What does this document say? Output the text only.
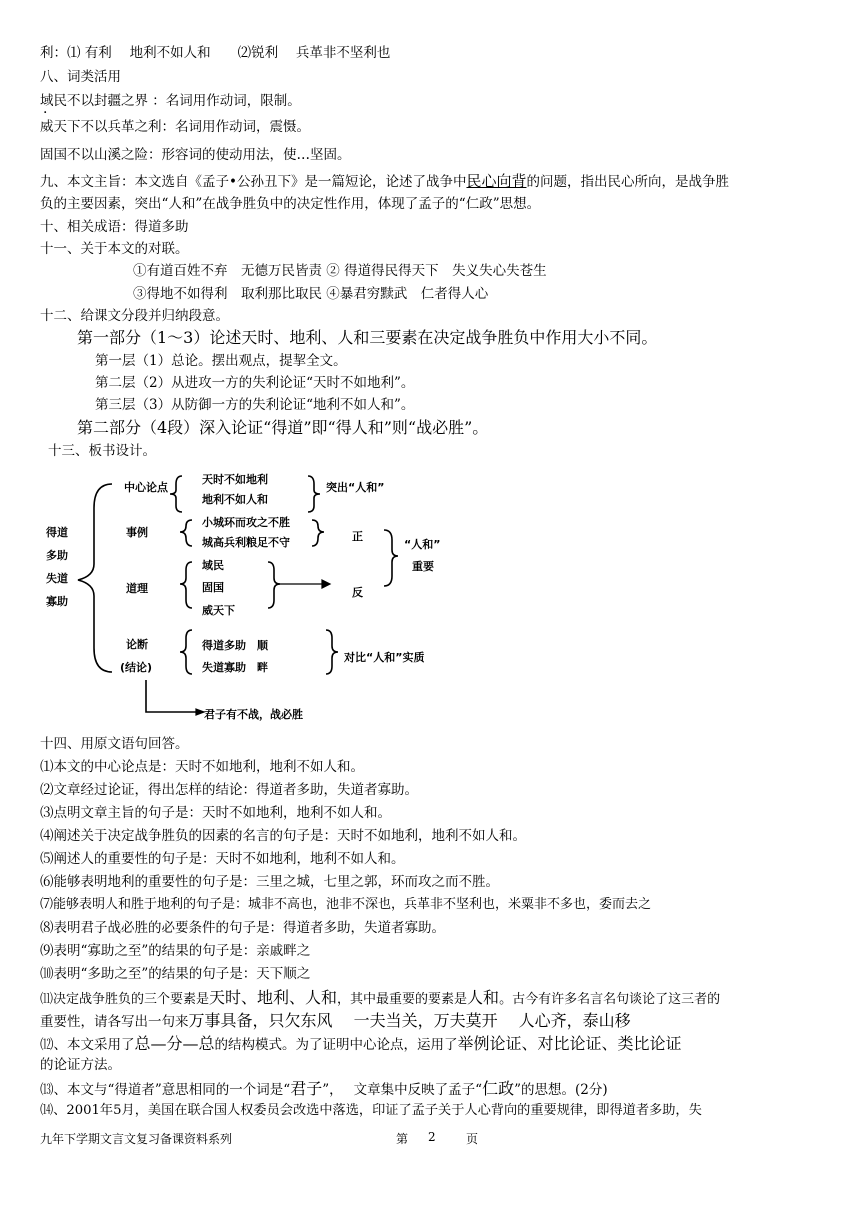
利：⑴ 有利　 地利不如人和　　⑵锐利　 兵革非不坚利也
八、词类活用
域民不以封疆之界 ：名词用作动词，限制。
威天下不以兵革之利：名词用作动词，震慑。
固国不以山溪之险：形容词的使动用法，使…坚固。
九、本文主旨：本文选自《孟子•公孙丑下》是一篇短论，论述了战争中民心向背的问题，指出民心所向，是战争胜
负的主要因素，突出“人和”在战争胜负中的决定性作用，体现了孟子的“仁政”思想。
十、相关成语：得道多助
十一、关于本文的对联。
①有道百姓不弃　无德万民皆责 ② 得道得民得天下　失义失心失苍生
③得地不如得利　取利那比取民 ④暴君穷黩武　仁者得人心
十二、给课文分段并归纳段意。
第一部分（1～3）论述天时、地利、人和三要素在决定战争胜负中作用大小不同。
第一层（1）总论。摆出观点，提挈全文。
第二层（2）从进攻一方的失利论证“天时不如地利”。
第三层（3）从防御一方的失利论证“地利不如人和”。
第二部分（4段）深入论证“得道”即“得人和”则“战必胜”。
十三、板书设计。
得道
多助
失道
寡助
中心论点
天时不如地利
地利不如人和
突出“人和”
事例
小城环而攻之不胜
城高兵利粮足不守	正
道理
域民
固国
威天下
反
“人和”
重要
论断
(结论)
得道多助　顺
失道寡助　畔
对比“人和”实质
君子有不战，战必胜
十四、用原文语句回答。
⑴本文的中心论点是：天时不如地利，地利不如人和。
⑵文章经过论证，得出怎样的结论：得道者多助，失道者寡助。
⑶点明文章主旨的句子是：天时不如地利，地利不如人和。
⑷阐述关于决定战争胜负的因素的名言的句子是：天时不如地利，地利不如人和。
⑸阐述人的重要性的句子是：天时不如地利，地利不如人和。
⑹能够表明地利的重要性的句子是：三里之城，七里之郭，环而攻之而不胜。
⑺能够表明人和胜于地利的句子是：城非不高也，池非不深也，兵革非不坚利也，米粟非不多也，委而去之
⑻表明君子战必胜的必要条件的句子是：得道者多助，失道者寡助。
⑼表明“寡助之至”的结果的句子是：亲戚畔之
⑽表明“多助之至”的结果的句子是：天下顺之
⑾决定战争胜负的三个要素是天时、地利、人和，其中最重要的要素是人和。古今有许多名言名句谈论了这三者的
重要性，请各写出一句来万事具备，只欠东风　 一夫当关，万夫莫开　 人心齐，泰山移
⑿、本文采用了总—分—总的结构模式。为了证明中心论点，运用了举例论证、对比论证、类比论证
的论证方法。
⒀、本文与“得道者”意思相同的一个词是“君子”，　 文章集中反映了孟子“仁政”的思想。(2分)
⒁、2001年5月，美国在联合国人权委员会改选中落选，印证了孟子关于人心背向的重要规律，即得道者多助，失
九年下学期文言文复习备课资料系列	第 2	页
